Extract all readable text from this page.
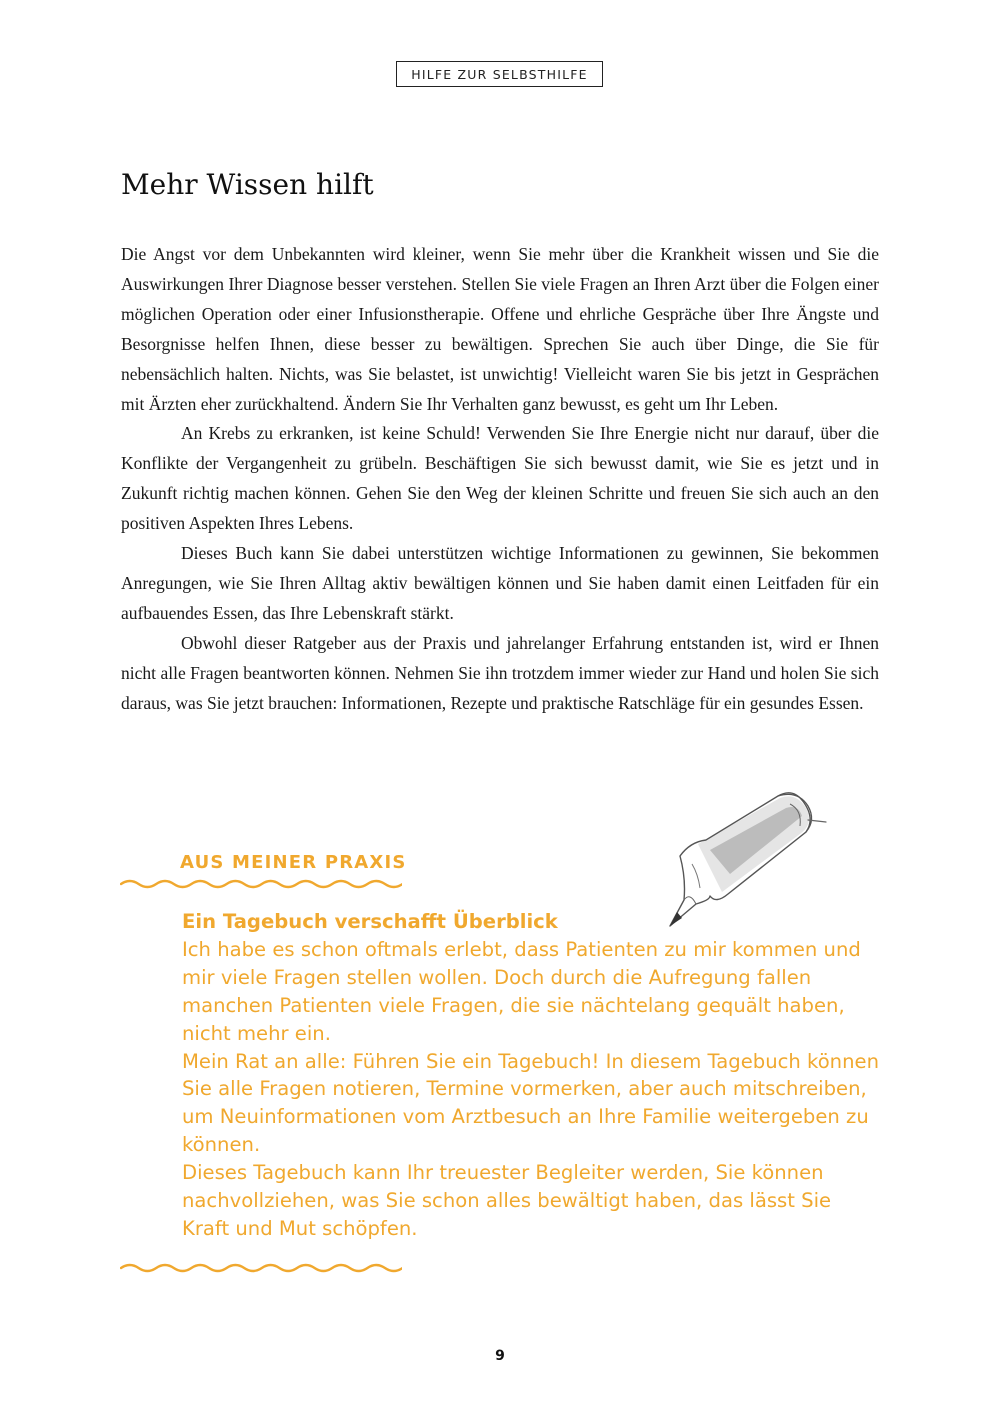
HILFE ZUR SELBSTHILFE
Mehr Wissen hilft

Die Angst vor dem Unbekannten wird kleiner, wenn Sie mehr über die Krankheit wissen und Sie die Auswirkungen Ihrer Diagnose besser verstehen. Stellen Sie viele Fragen an Ihren Arzt über die Folgen einer möglichen Operation oder einer Infusionstherapie. Offene und ehrliche Gespräche über Ihre Ängste und Besorgnisse helfen Ihnen, diese besser zu bewältigen. Sprechen Sie auch über Dinge, die Sie für nebensächlich halten. Nichts, was Sie belastet, ist unwichtig! Vielleicht waren Sie bis jetzt in Gesprächen mit Ärzten eher zurückhaltend. Ändern Sie Ihr Verhalten ganz bewusst, es geht um Ihr Leben.

An Krebs zu erkranken, ist keine Schuld! Verwenden Sie Ihre Energie nicht nur darauf, über die Konflikte der Vergangenheit zu grübeln. Beschäftigen Sie sich bewusst damit, wie Sie es jetzt und in Zukunft richtig machen können. Gehen Sie den Weg der kleinen Schritte und freuen Sie sich auch an den positiven Aspekten Ihres Lebens.

Dieses Buch kann Sie dabei unterstützen wichtige Informationen zu gewinnen, Sie bekommen Anregungen, wie Sie Ihren Alltag aktiv bewältigen können und Sie haben damit einen Leitfaden für ein aufbauendes Essen, das Ihre Lebenskraft stärkt.

Obwohl dieser Ratgeber aus der Praxis und jahrelanger Erfahrung entstanden ist, wird er Ihnen nicht alle Fragen beantworten können. Nehmen Sie ihn trotzdem immer wieder zur Hand und holen Sie sich daraus, was Sie jetzt brauchen: Informationen, Rezepte und praktische Ratschläge für ein gesundes Essen.

AUS MEINER PRAXIS

Ein Tagebuch verschafft Überblick

Ich habe es schon oftmals erlebt, dass Patienten zu mir kommen und mir viele Fragen stellen wollen. Doch durch die Aufregung fallen manchen Patienten viele Fragen, die sie nächtelang gequält haben, nicht mehr ein.

Mein Rat an alle: Führen Sie ein Tagebuch! In diesem Tagebuch können Sie alle Fragen notieren, Termine vormerken, aber auch mitschreiben, um Neuinformationen vom Arztbesuch an Ihre Familie weitergeben zu können.

Dieses Tagebuch kann Ihr treuester Begleiter werden, Sie können nachvollziehen, was Sie schon alles bewältigt haben, das lässt Sie Kraft und Mut schöpfen.

9
